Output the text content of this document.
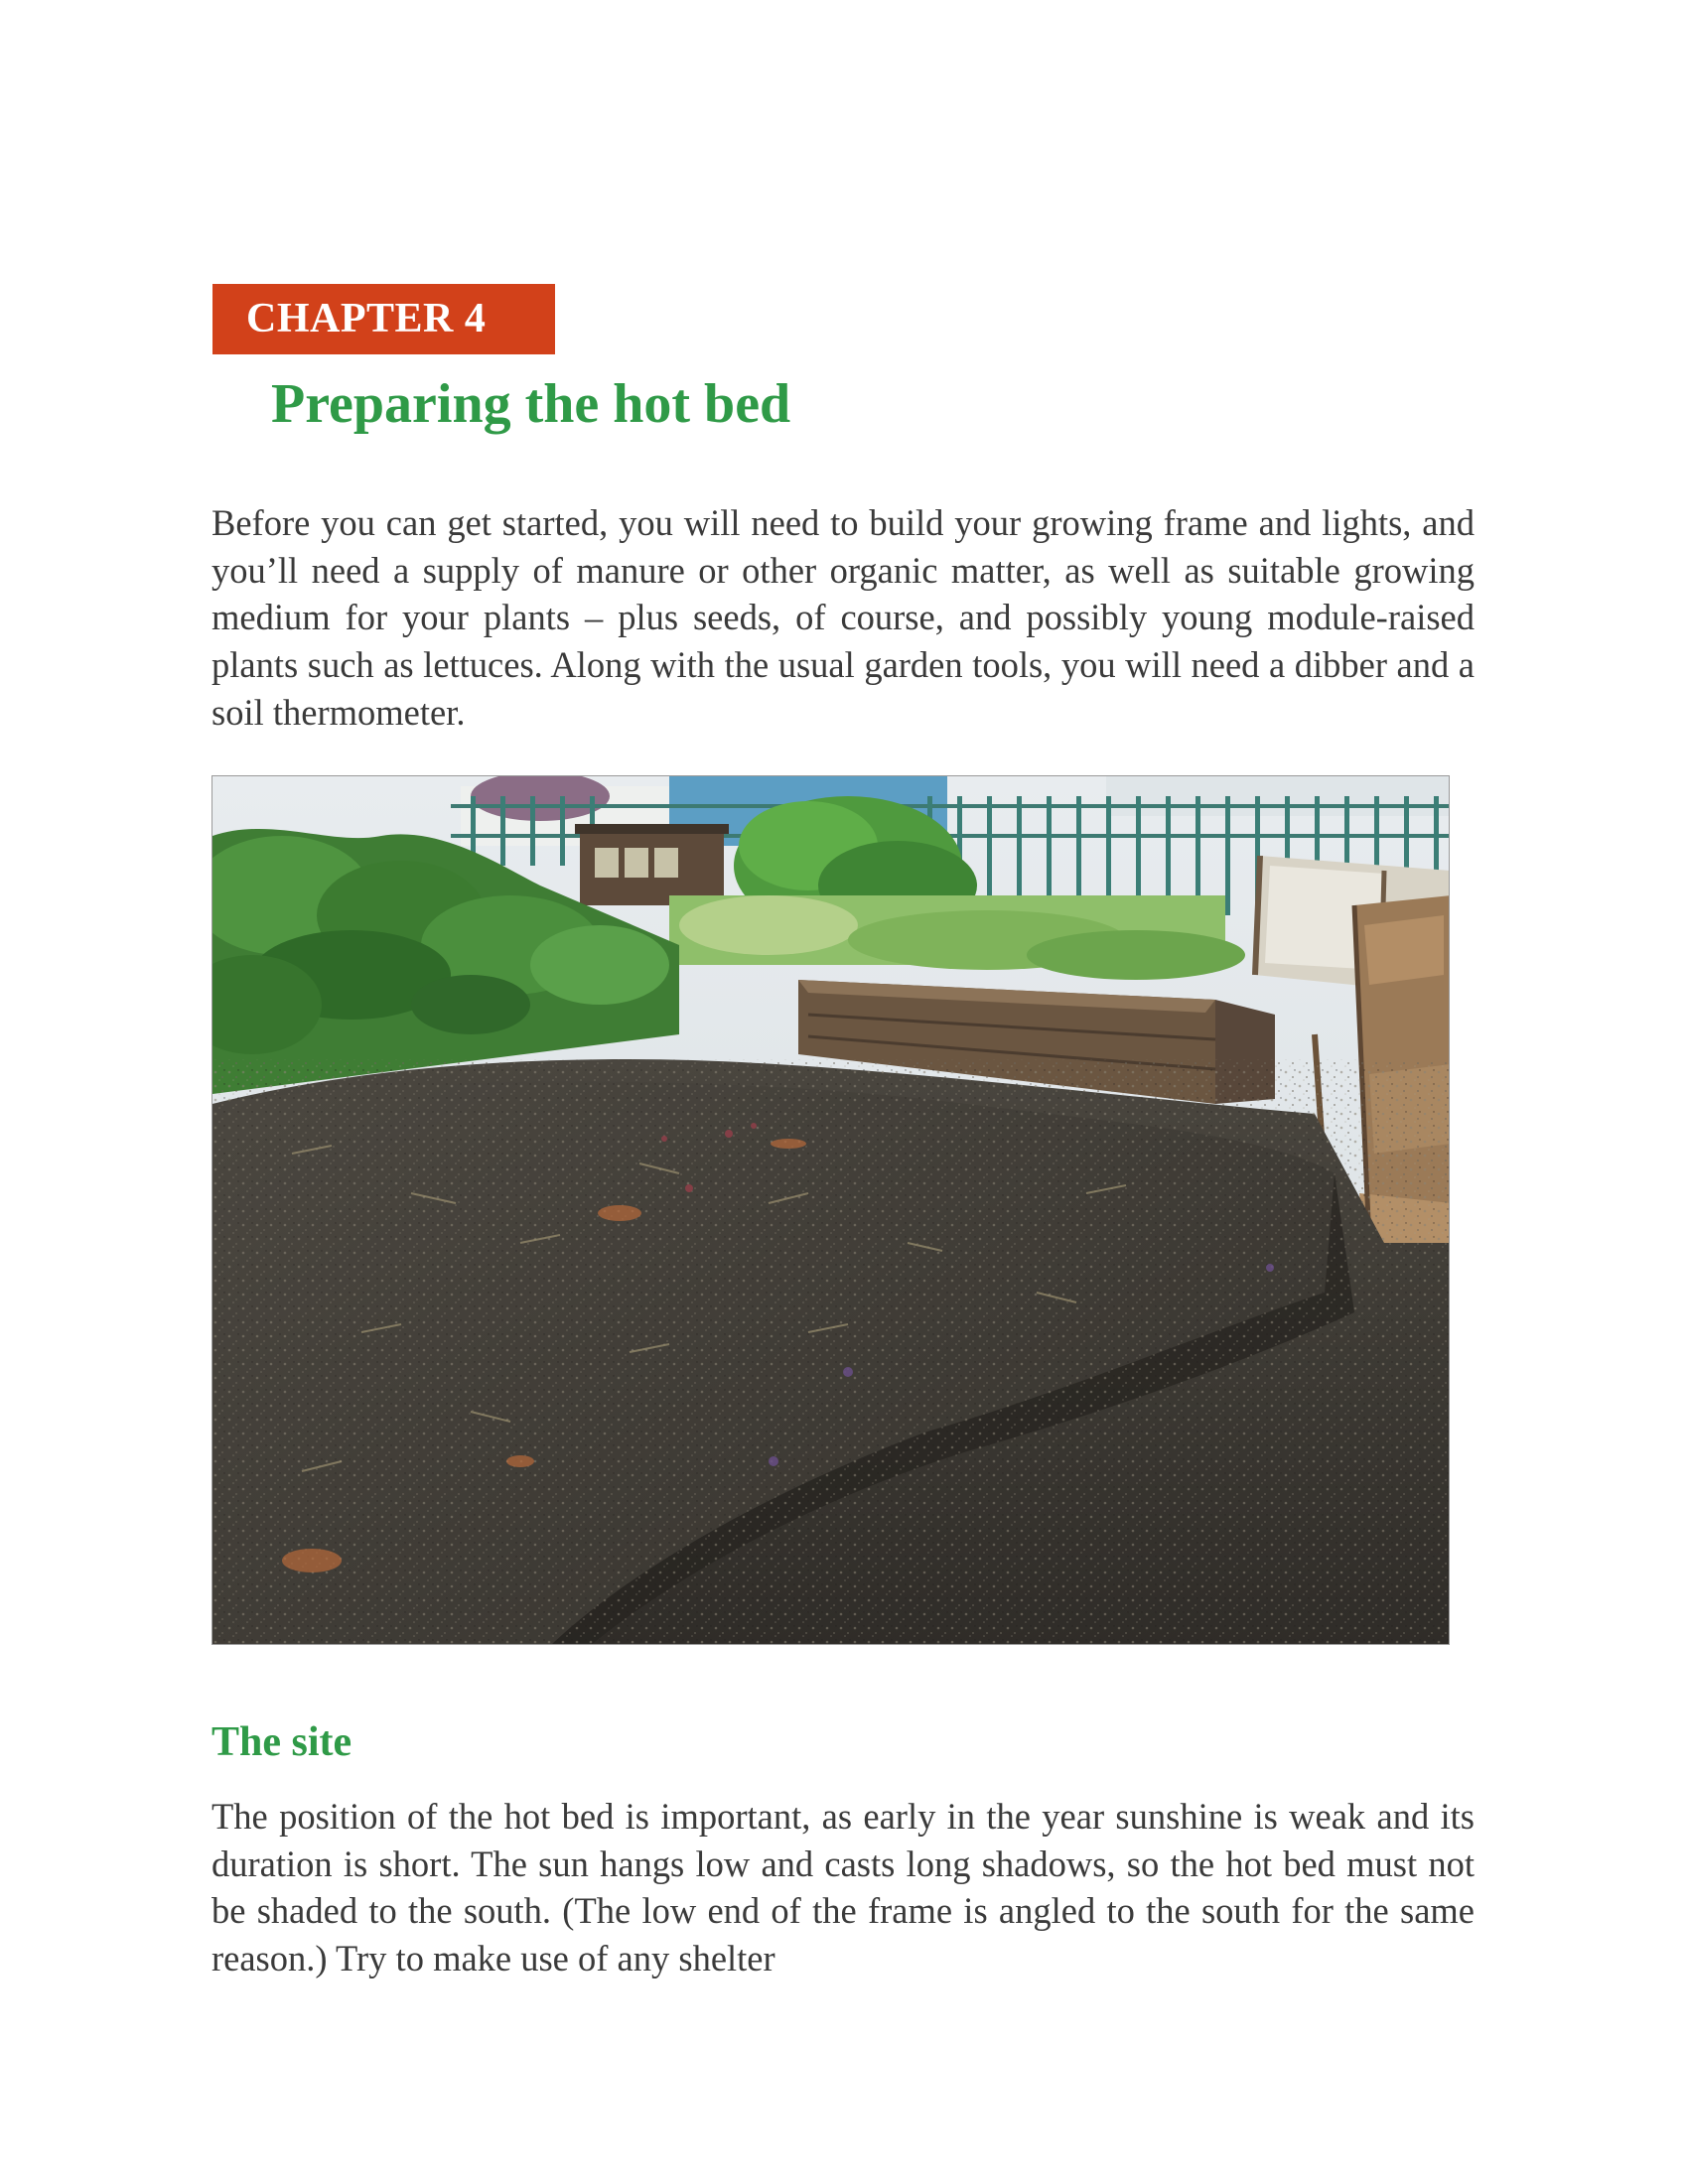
CHAPTER 4
Preparing the hot bed

Before you can get started, you will need to build your growing frame and lights, and you’ll need a supply of manure or other organic matter, as well as suitable growing medium for your plants – plus seeds, of course, and possibly young module-raised plants such as lettuces. Along with the usual garden tools, you will need a dibber and a soil thermometer.

The site

The position of the hot bed is important, as early in the year sunshine is weak and its duration is short. The sun hangs low and casts long shadows, so the hot bed must not be shaded to the south. (The low end of the frame is angled to the south for the same reason.) Try to make use of any shelter
